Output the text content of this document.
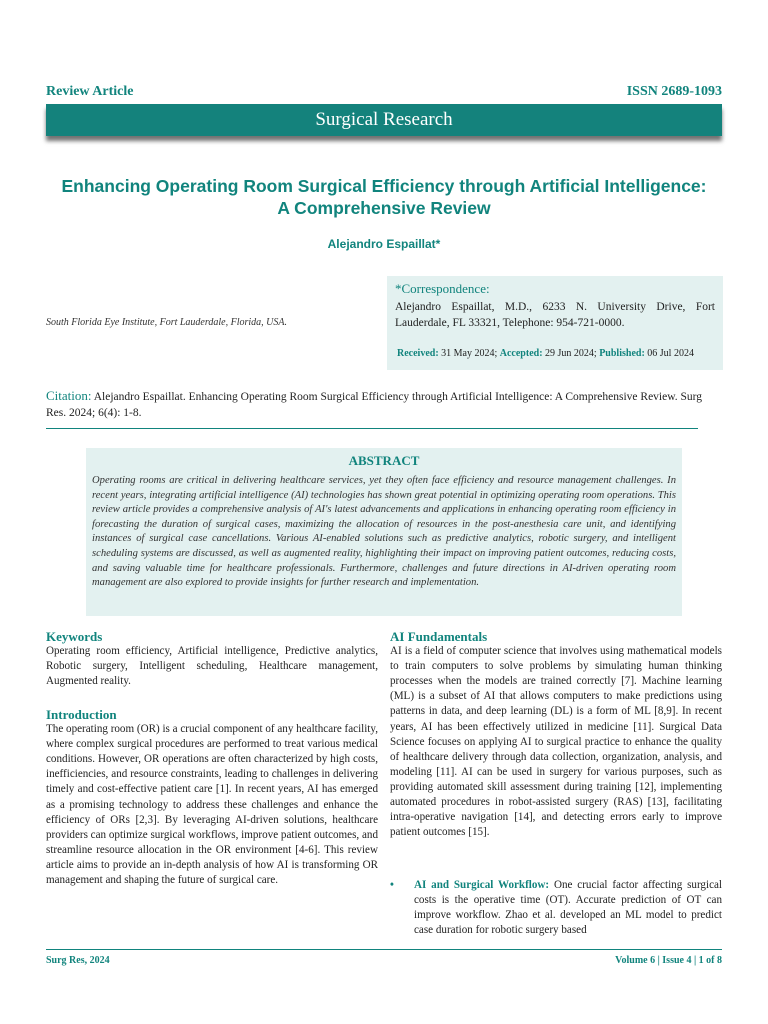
Review Article	ISSN 2689-1093
Surgical Research
Enhancing Operating Room Surgical Efficiency through Artificial Intelligence: A Comprehensive Review
Alejandro Espaillat*
South Florida Eye Institute, Fort Lauderdale, Florida, USA.
*Correspondence:
Alejandro Espaillat, M.D., 6233 N. University Drive, Fort Lauderdale, FL 33321, Telephone: 954-721-0000.
Received: 31 May 2024; Accepted: 29 Jun 2024; Published: 06 Jul 2024
Citation: Alejandro Espaillat. Enhancing Operating Room Surgical Efficiency through Artificial Intelligence: A Comprehensive Review. Surg Res. 2024; 6(4): 1-8.
ABSTRACT
Operating rooms are critical in delivering healthcare services, yet they often face efficiency and resource management challenges. In recent years, integrating artificial intelligence (AI) technologies has shown great potential in optimizing operating room operations. This review article provides a comprehensive analysis of AI's latest advancements and applications in enhancing operating room efficiency in forecasting the duration of surgical cases, maximizing the allocation of resources in the post-anesthesia care unit, and identifying instances of surgical case cancellations. Various AI-enabled solutions such as predictive analytics, robotic surgery, and intelligent scheduling systems are discussed, as well as augmented reality, highlighting their impact on improving patient outcomes, reducing costs, and saving valuable time for healthcare professionals. Furthermore, challenges and future directions in AI-driven operating room management are also explored to provide insights for further research and implementation.
Keywords

Operating room efficiency, Artificial intelligence, Predictive analytics, Robotic surgery, Intelligent scheduling, Healthcare management, Augmented reality.

Introduction

The operating room (OR) is a crucial component of any healthcare facility, where complex surgical procedures are performed to treat various medical conditions. However, OR operations are often characterized by high costs, inefficiencies, and resource constraints, leading to challenges in delivering timely and cost-effective patient care [1]. In recent years, AI has emerged as a promising technology to address these challenges and enhance the efficiency of ORs [2,3]. By leveraging AI-driven solutions, healthcare providers can optimize surgical workflows, improve patient outcomes, and streamline resource allocation in the OR environment [4-6]. This review article aims to provide an in-depth analysis of how AI is transforming OR management and shaping the future of surgical care.

AI Fundamentals

AI is a field of computer science that involves using mathematical models to train computers to solve problems by simulating human thinking processes when the models are trained correctly [7]. Machine learning (ML) is a subset of AI that allows computers to make predictions using patterns in data, and deep learning (DL) is a form of ML [8,9]. In recent years, AI has been effectively utilized in medicine [11]. Surgical Data Science focuses on applying AI to surgical practice to enhance the quality of healthcare delivery through data collection, organization, analysis, and modeling [11]. AI can be used in surgery for various purposes, such as providing automated skill assessment during training [12], implementing automated procedures in robot-assisted surgery (RAS) [13], facilitating intra-operative navigation [14], and detecting errors early to improve patient outcomes [15].

• AI and Surgical Workflow: One crucial factor affecting surgical costs is the operative time (OT). Accurate prediction of OT can improve workflow. Zhao et al. developed an ML model to predict case duration for robotic surgery based
Surg Res, 2024	Volume 6 | Issue 4 | 1 of 8
